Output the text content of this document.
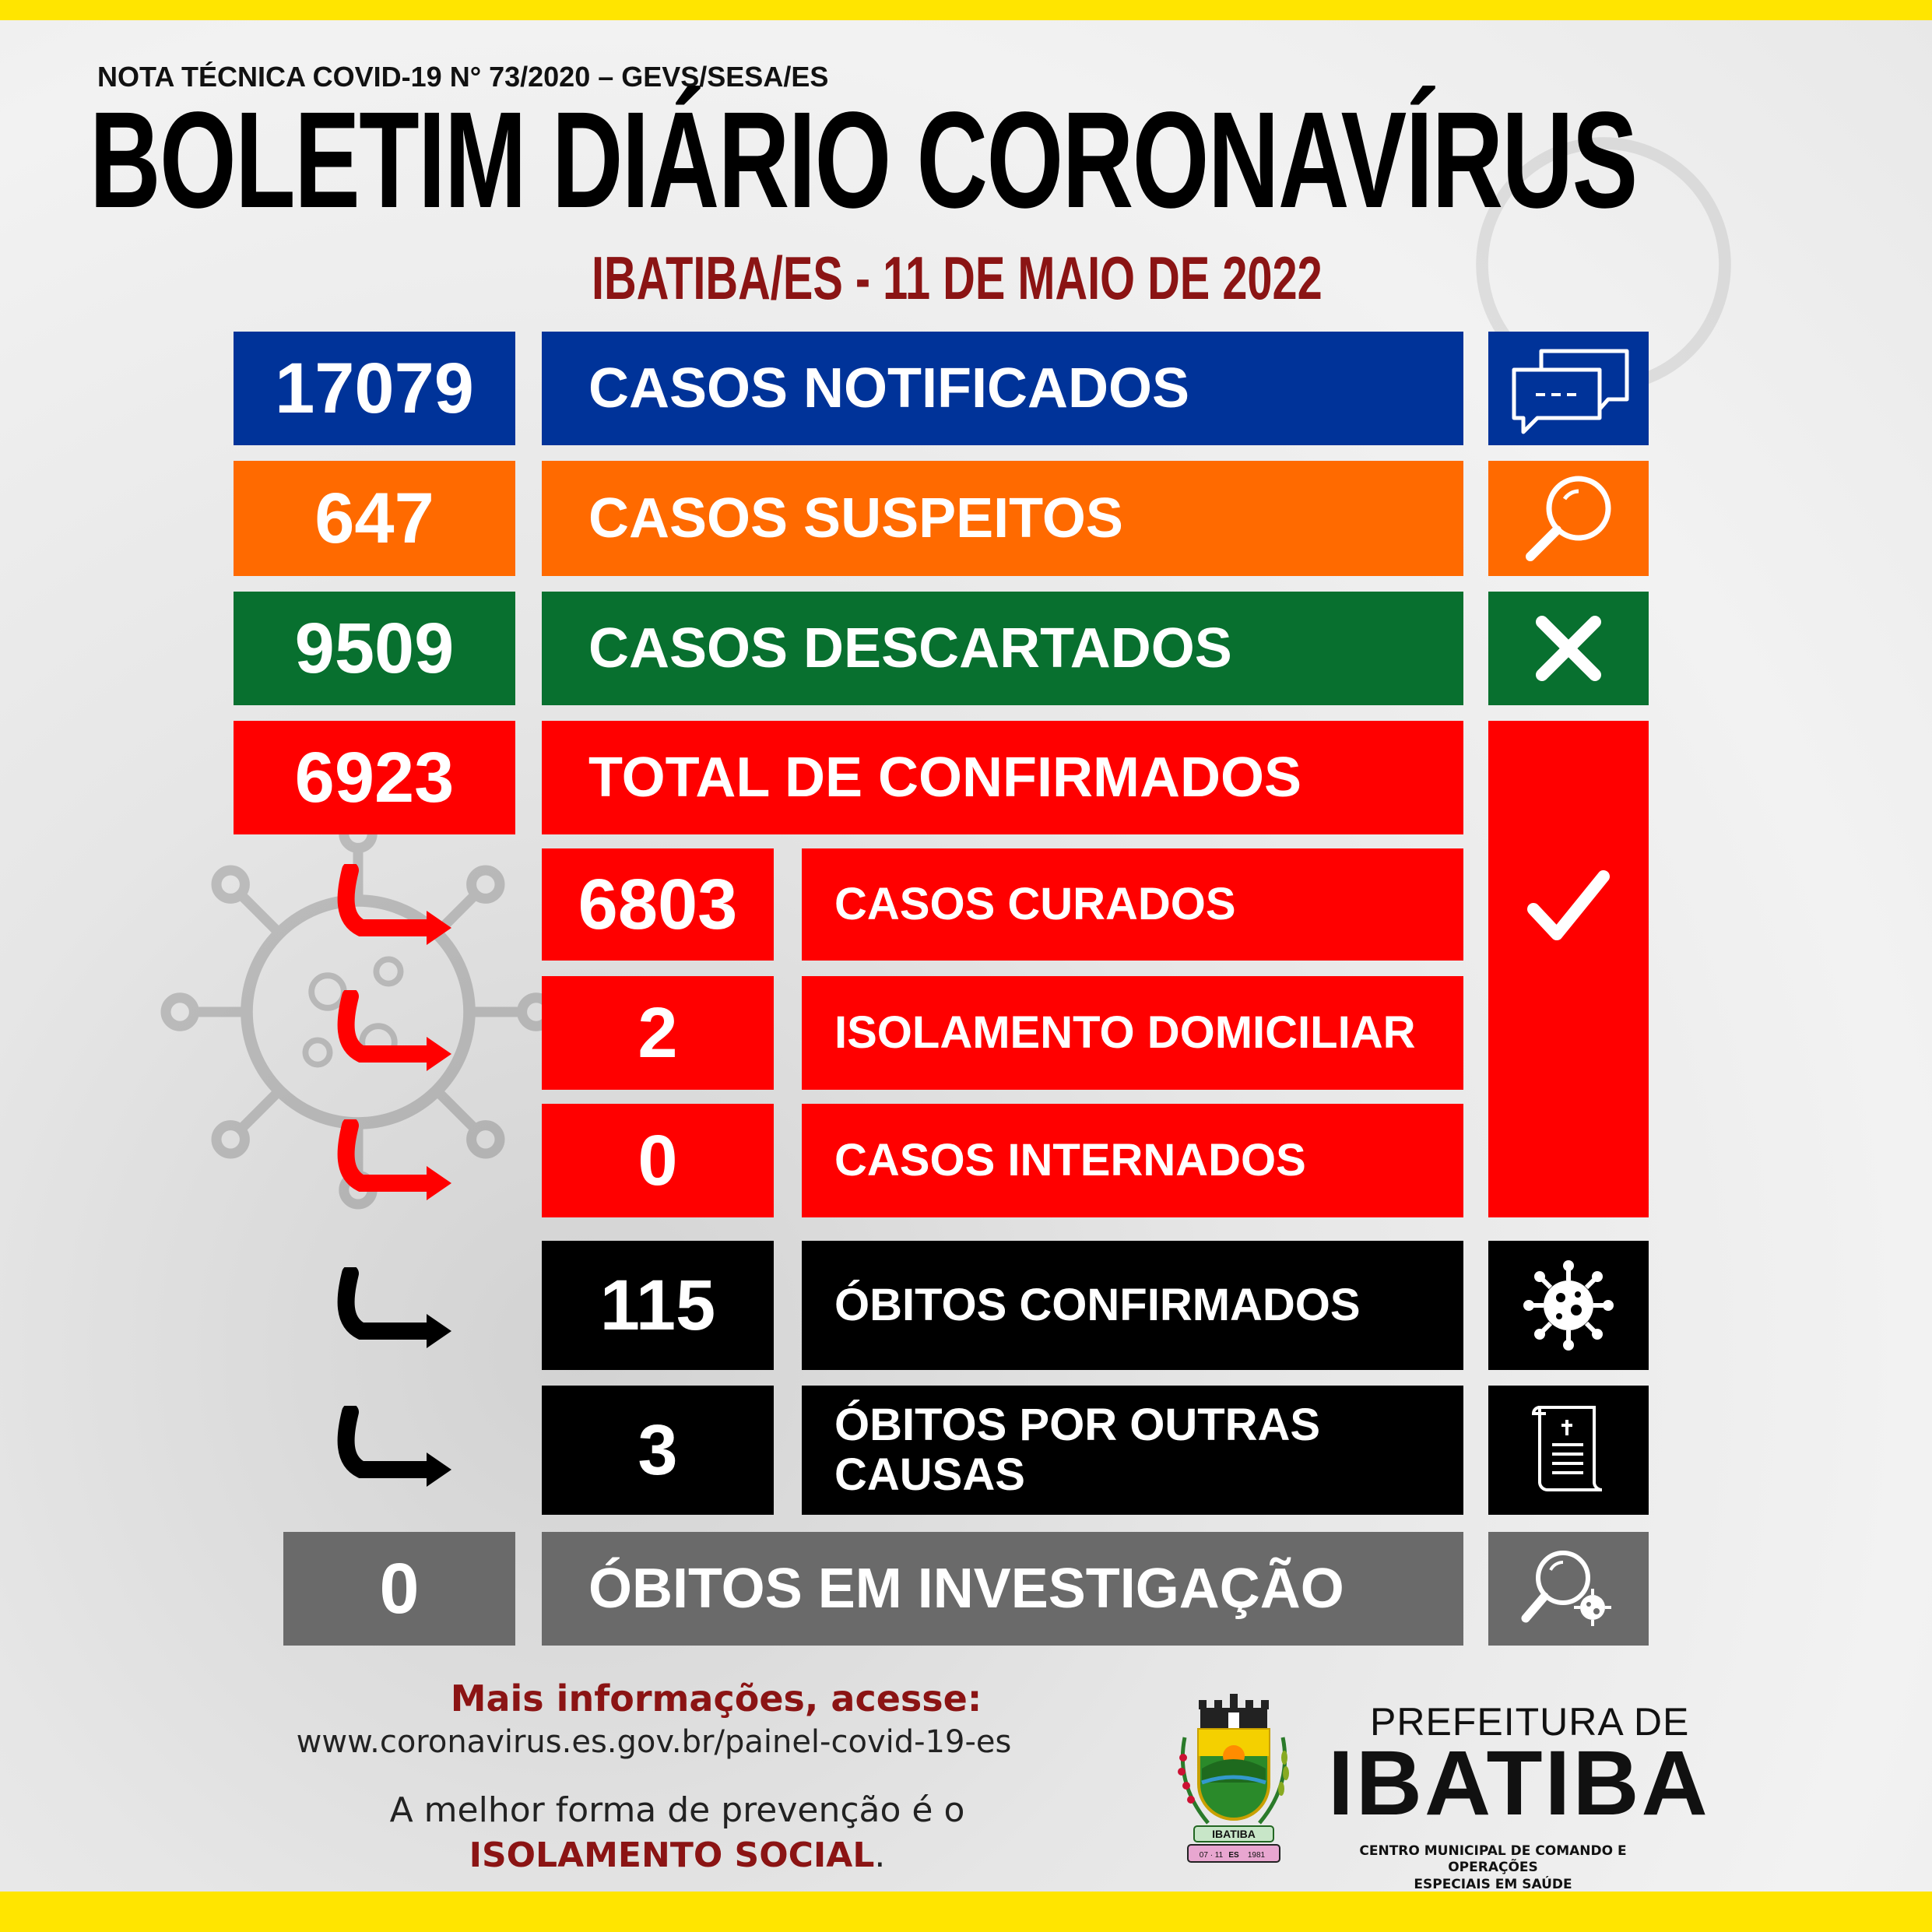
NOTA TÉCNICA COVID-19 N° 73/2020 – GEVS/SESA/ES
BOLETIM DIÁRIO CORONAVÍRUS
IBATIBA/ES - 11 DE MAIO DE 2022
17079	CASOS NOTIFICADOS
647	CASOS SUSPEITOS
9509	CASOS DESCARTADOS
6923	TOTAL DE CONFIRMADOS
6803	CASOS CURADOS
2	ISOLAMENTO DOMICILIAR
0	CASOS INTERNADOS
115	ÓBITOS CONFIRMADOS
3	ÓBITOS POR OUTRAS CAUSAS
0	ÓBITOS EM INVESTIGAÇÃO
Mais informações, acesse:
www.coronavirus.es.gov.br/painel-covid-19-es
A melhor forma de prevenção é o
ISOLAMENTO SOCIAL.
IBATIBA
07 · 11 ES 1981
PREFEITURA DE
IBATIBA
CENTRO MUNICIPAL DE COMANDO E OPERAÇÕES
ESPECIAIS EM SAÚDE
